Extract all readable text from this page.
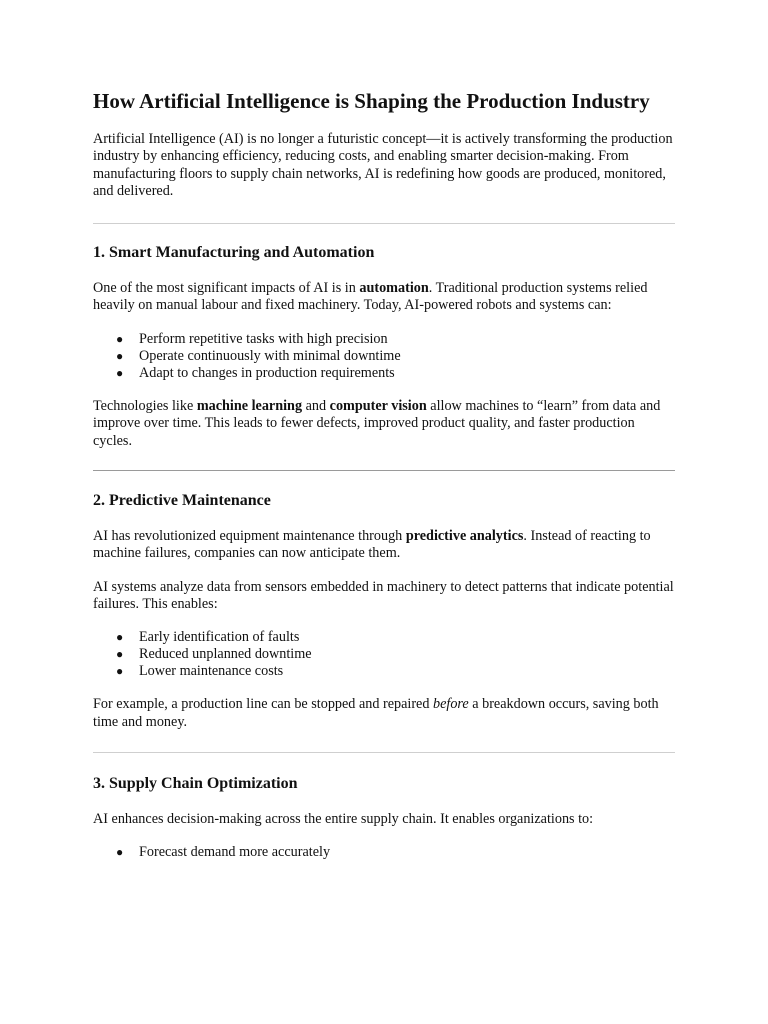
How Artificial Intelligence is Shaping the Production Industry

Artificial Intelligence (AI) is no longer a futuristic concept—it is actively transforming the production industry by enhancing efficiency, reducing costs, and enabling smarter decision-making. From manufacturing floors to supply chain networks, AI is redefining how goods are produced, monitored, and delivered.

1. Smart Manufacturing and Automation

One of the most significant impacts of AI is in automation. Traditional production systems relied heavily on manual labour and fixed machinery. Today, AI-powered robots and systems can:

● Perform repetitive tasks with high precision
● Operate continuously with minimal downtime
● Adapt to changes in production requirements

Technologies like machine learning and computer vision allow machines to “learn” from data and improve over time. This leads to fewer defects, improved product quality, and faster production cycles.

2. Predictive Maintenance

AI has revolutionized equipment maintenance through predictive analytics. Instead of reacting to machine failures, companies can now anticipate them.

AI systems analyze data from sensors embedded in machinery to detect patterns that indicate potential failures. This enables:

● Early identification of faults
● Reduced unplanned downtime
● Lower maintenance costs

For example, a production line can be stopped and repaired before a breakdown occurs, saving both time and money.

3. Supply Chain Optimization

AI enhances decision-making across the entire supply chain. It enables organizations to:

● Forecast demand more accurately
